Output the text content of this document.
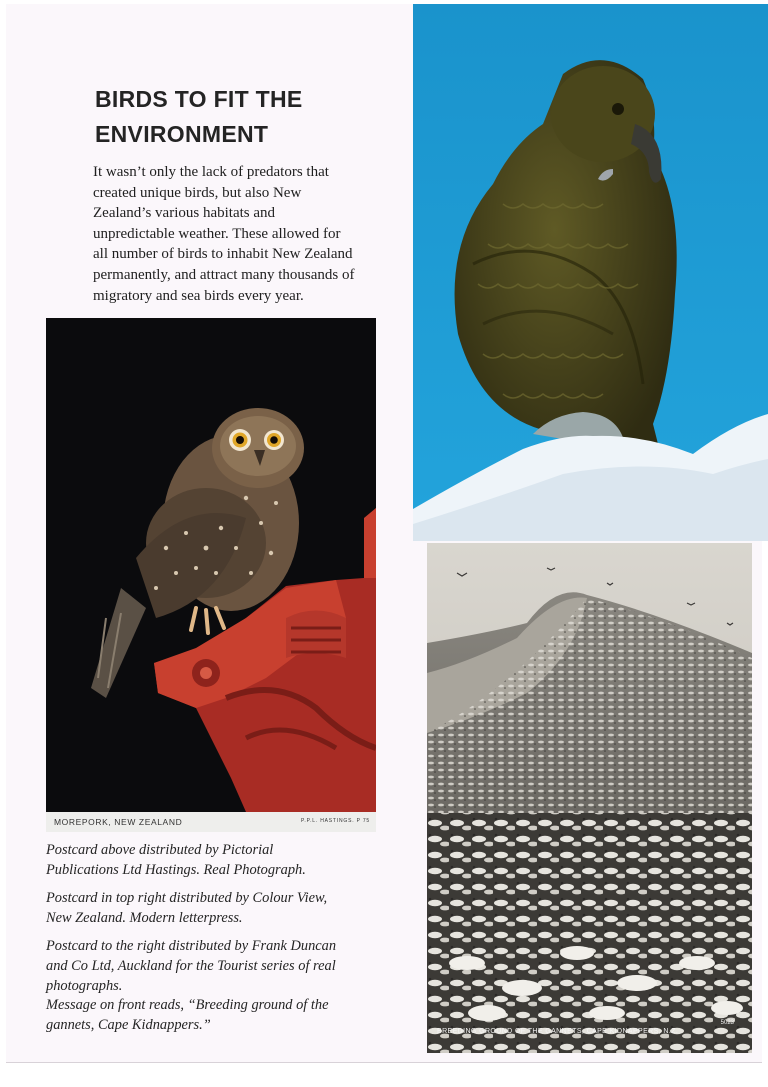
BIRDS TO FIT THE
ENVIRONMENT
It wasn’t only the lack of predators that created unique birds, but also New Zealand’s various habitats and unpredictable weather. These allowed for all number of birds to inhabit New Zealand permanently, and attract many thousands of migratory and sea birds every year.
MOREPORK, NEW ZEALAND	P.P.L. HASTINGS. P 75
5023
BREEDING GROUND OF THE GANNETS, CAPE KIDNAPPERS, N.Z.

Postcard above distributed by Pictorial Publications Ltd Hastings. Real Photograph.

Postcard in top right distributed by Colour View, New Zealand. Modern letterpress.

Postcard to the right distributed by Frank Duncan and Co Ltd, Auckland for the Tourist series of real photographs.

Message on front reads, “Breeding ground of the gannets, Cape Kidnappers.”
